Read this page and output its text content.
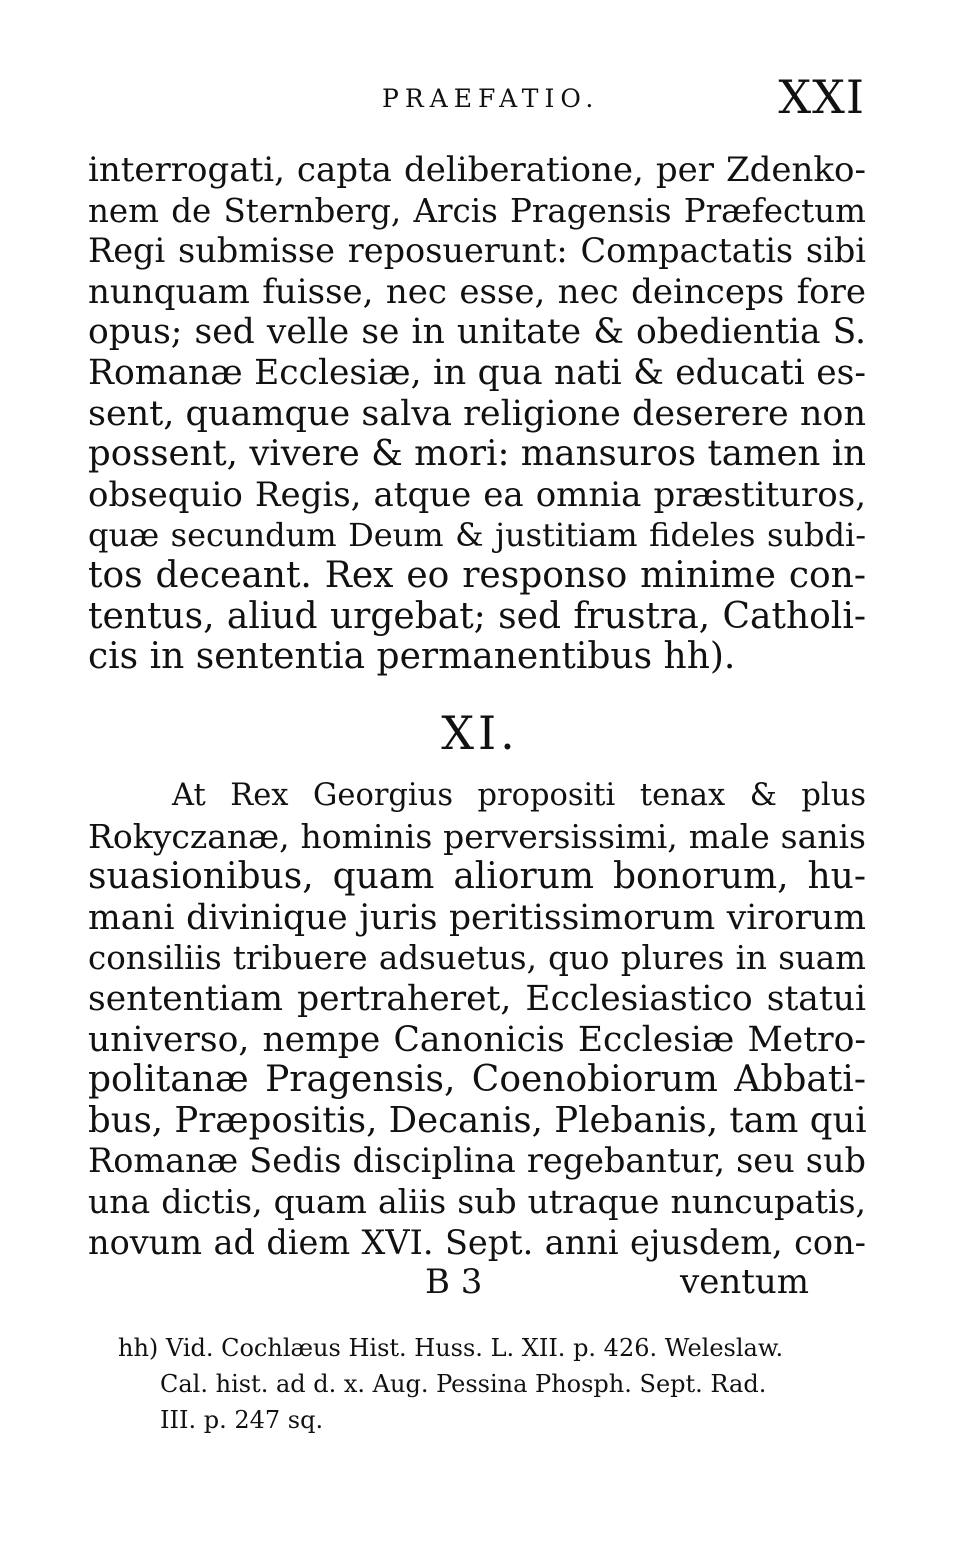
PRAEFATIO.	XXI
interrogati, capta deliberatione, per Zdenko-
nem de Sternberg, Arcis Pragensis Præfectum
Regi submisse reposuerunt: Compactatis sibi
nunquam fuisse, nec esse, nec deinceps fore
opus; sed velle se in unitate & obedientia S.
Romanæ Ecclesiæ, in qua nati & educati es-
sent, quamque salva religione deserere non
possent, vivere & mori: mansuros tamen in
obsequio Regis, atque ea omnia præstituros,
quæ secundum Deum & justitiam fideles subdi-
tos deceant. Rex eo responso minime con-
tentus, aliud urgebat; sed frustra, Catholi-
cis in sententia permanentibus hh).
XI.
At Rex Georgius propositi tenax & plus
Rokyczanæ, hominis perversissimi, male sanis
suasionibus, quam aliorum bonorum, hu-
mani divinique juris peritissimorum virorum
consiliis tribuere adsuetus, quo plures in suam
sententiam pertraheret, Ecclesiastico statui
universo, nempe Canonicis Ecclesiæ Metro-
politanæ Pragensis, Coenobiorum Abbati-
bus, Præpositis, Decanis, Plebanis, tam qui
Romanæ Sedis disciplina regebantur, seu sub
una dictis, quam aliis sub utraque nuncupatis,
novum ad diem XVI. Sept. anni ejusdem, con-
B 3	ventum
hh) Vid. Cochlæus Hist. Huss. L. XII. p. 426. Weleslaw.
Cal. hist. ad d. x. Aug. Pessina Phosph. Sept. Rad.
III. p. 247 sq.
